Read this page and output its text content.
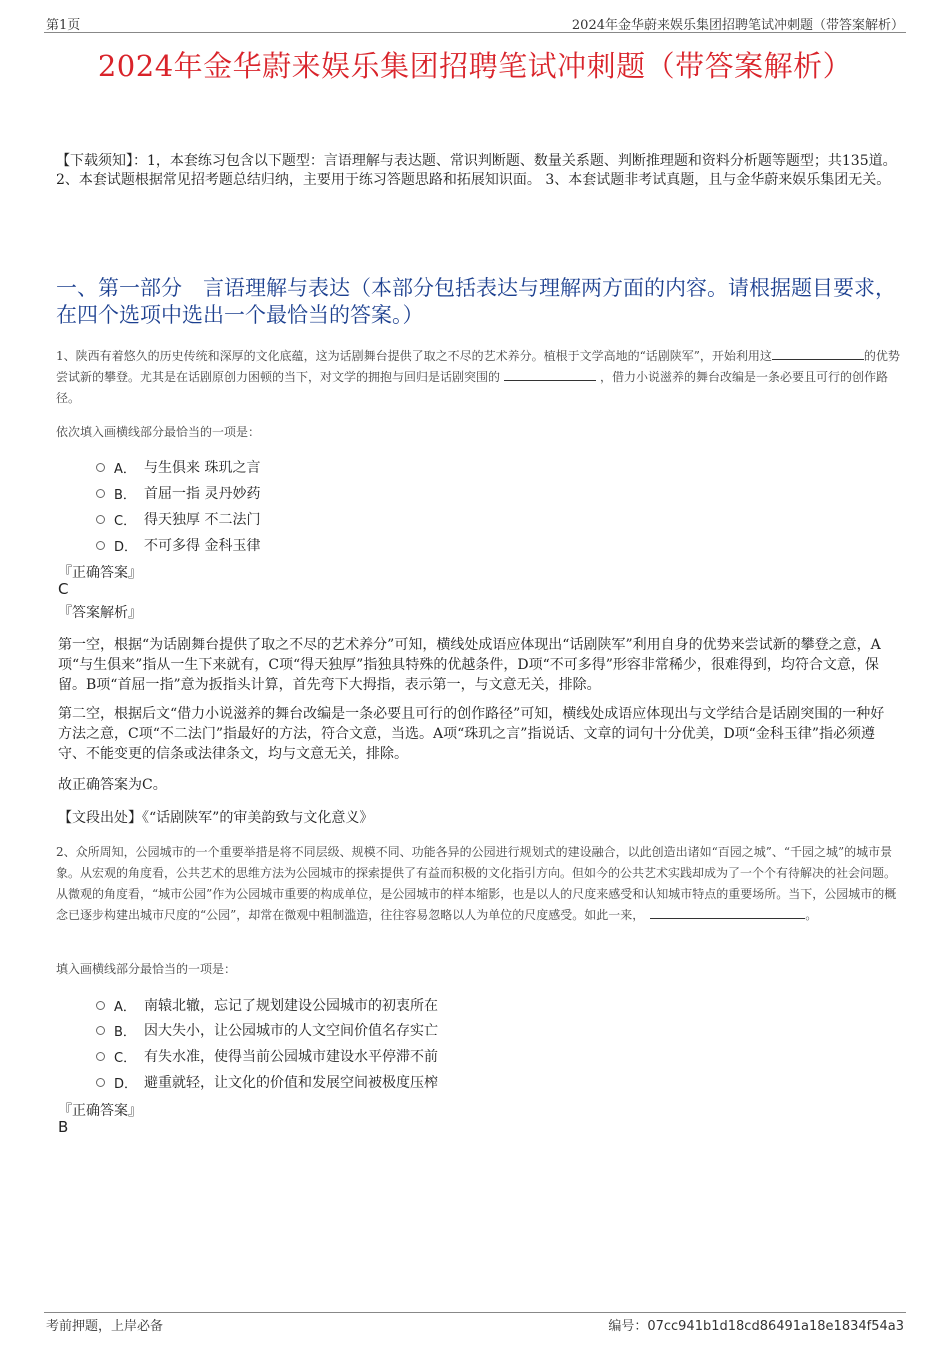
第1页	2024年金华蔚来娱乐集团招聘笔试冲刺题（带答案解析）
2024年金华蔚来娱乐集团招聘笔试冲刺题（带答案解析）
【下载须知】：1，本套练习包含以下题型：言语理解与表达题、常识判断题、数量关系题、判断推理题和资料分析题等题型；共135道。 2、本套试题根据常见招考题总结归纳，主要用于练习答题思路和拓展知识面。 3、本套试题非考试真题，且与金华蔚来娱乐集团无关。
一、第一部分　言语理解与表达（本部分包括表达与理解两方面的内容。请根据题目要求，在四个选项中选出一个最恰当的答案。）
1、陕西有着悠久的历史传统和深厚的文化底蕴，这为话剧舞台提供了取之不尽的艺术养分。植根于文学高地的“话剧陕军”，开始利用这	的优势尝试新的攀登。尤其是在话剧原创力困顿的当下，对文学的拥抱与回归是话剧突围的	，借力小说滋养的舞台改编是一条必要且可行的创作路径。
依次填入画横线部分最恰当的一项是：
A． 与生俱来 珠玑之言
B． 首屈一指 灵丹妙药
C． 得天独厚 不二法门
D． 不可多得 金科玉律
『正确答案』
C
『答案解析』
第一空，根据“为话剧舞台提供了取之不尽的艺术养分”可知，横线处成语应体现出“话剧陕军”利用自身的优势来尝试新的攀登之意，A项“与生俱来”指从一生下来就有，C项“得天独厚”指独具特殊的优越条件，D项“不可多得”形容非常稀少，很难得到，均符合文意，保留。B项“首屈一指”意为扳指头计算，首先弯下大拇指，表示第一，与文意无关，排除。
第二空，根据后文“借力小说滋养的舞台改编是一条必要且可行的创作路径”可知，横线处成语应体现出与文学结合是话剧突围的一种好方法之意，C项“不二法门”指最好的方法，符合文意，当选。A项“珠玑之言”指说话、文章的词句十分优美，D项“金科玉律”指必须遵守、不能变更的信条或法律条文，均与文意无关，排除。
故正确答案为C。
【文段出处】《“话剧陕军”的审美韵致与文化意义》
2、众所周知，公园城市的一个重要举措是将不同层级、规模不同、功能各异的公园进行规划式的建设融合，以此创造出诸如“百园之城”、“千园之城”的城市景象。从宏观的角度看，公共艺术的思维方法为公园城市的探索提供了有益而积极的文化指引方向。但如今的公共艺术实践却成为了一个个有待解决的社会问题。从微观的角度看，“城市公园”作为公园城市重要的构成单位，是公园城市的样本缩影，也是以人的尺度来感受和认知城市特点的重要场所。当下，公园城市的概念已逐步构建出城市尺度的“公园”，却常在微观中粗制滥造，往往容易忽略以人为单位的尺度感受。如此一来，	。
填入画横线部分最恰当的一项是：
A． 南辕北辙，忘记了规划建设公园城市的初衷所在
B． 因大失小，让公园城市的人文空间价值名存实亡
C． 有失水准，使得当前公园城市建设水平停滞不前
D． 避重就轻，让文化的价值和发展空间被极度压榨
『正确答案』
B
考前押题，上岸必备	编号：07cc941b1d18cd86491a18e1834f54a3
